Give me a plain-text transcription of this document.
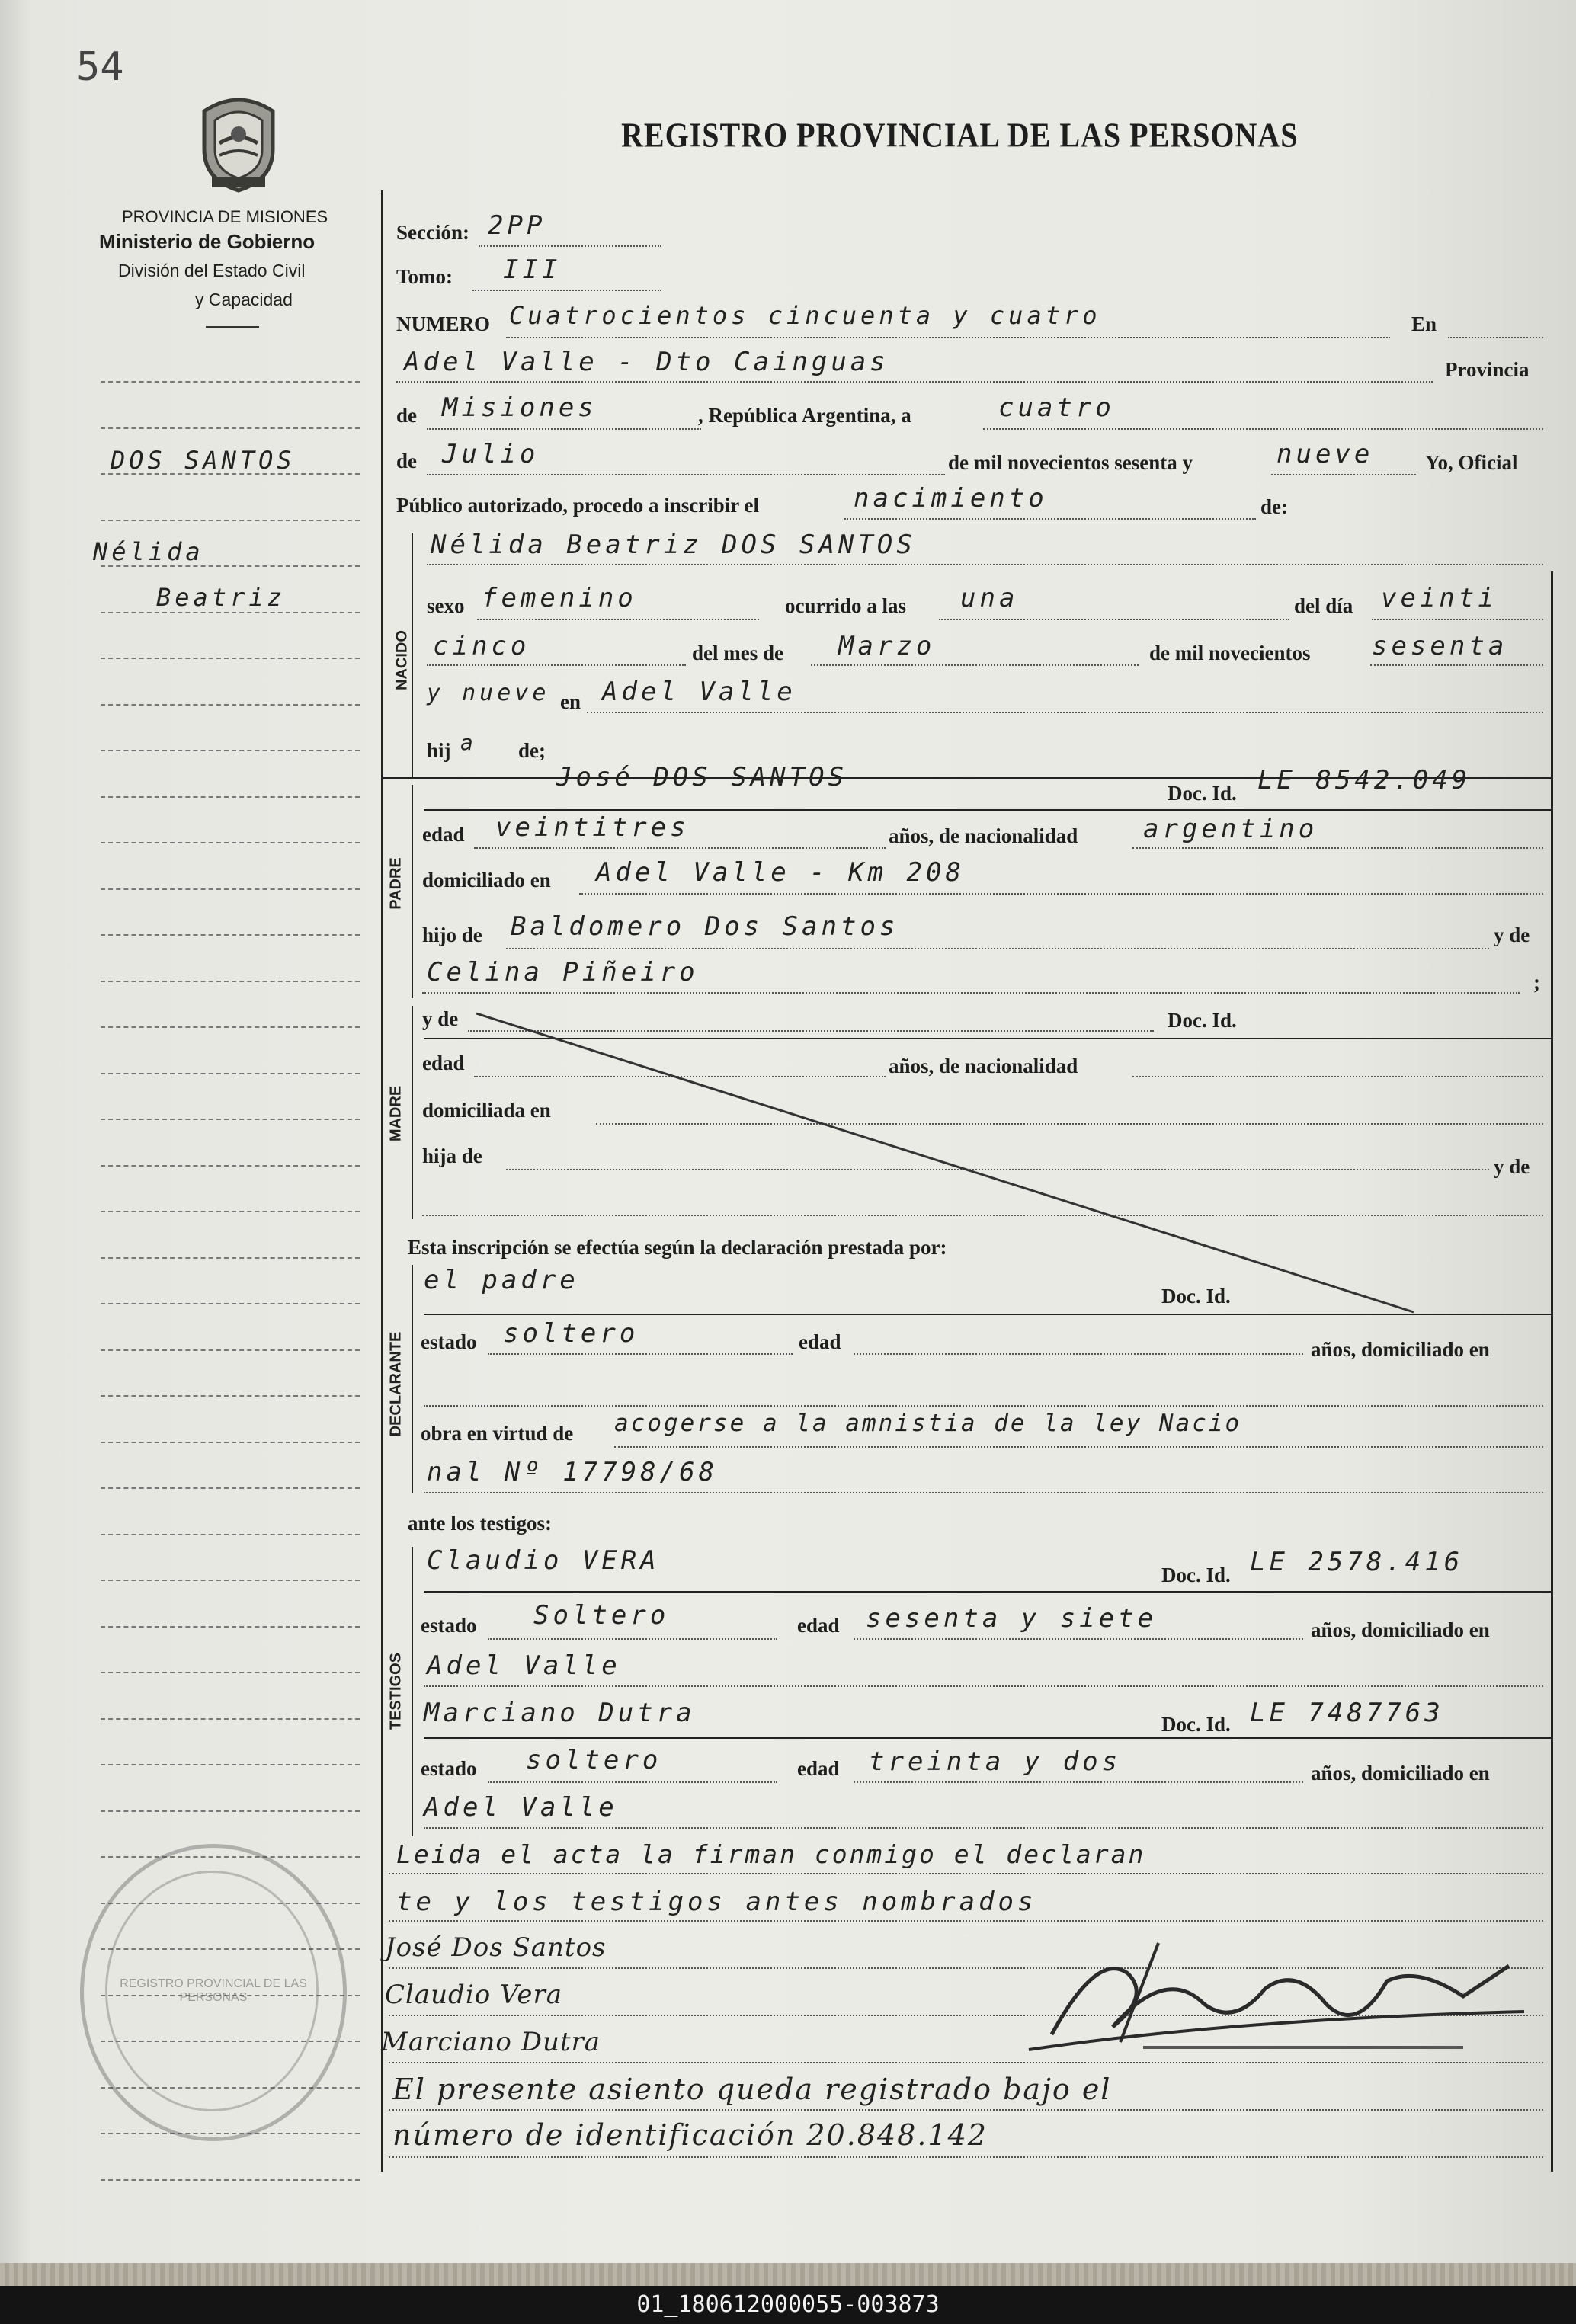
54
REGISTRO PROVINCIAL DE LAS PERSONAS
PROVINCIA DE MISIONES
Ministerio de Gobierno
División del Estado Civil
y Capacidad
DOS SANTOS
Nélida
Beatriz
Sección: 2PP
Tomo: III
NUMERO Cuatrocientos cincuenta y cuatro	En
Adel Valle - Dto Cainguas	Provincia
de Misiones	, República Argentina, a	cuatro
de Julio	de mil novecientos sesenta y	nueve	Yo, Oficial
Público autorizado, procedo a inscribir el	nacimiento	de:
NACIDO
Nélida Beatriz DOS SANTOS
sexo femenino	ocurrido a las una	del día veinti
cinco	del mes de Marzo	de mil novecientos sesenta
y nueve en Adel Valle
hij a de;
PADRE
José DOS SANTOS
Doc. Id. LE 8542.049
edad veintitres	años, de nacionalidad	argentino
domiciliado en Adel Valle - Km 208
hijo de Baldomero Dos Santos	y de
Celina Piñeiro	;
MADRE
y de	Doc. Id.
edad	años, de nacionalidad
domiciliada en
hija de	y de
Esta inscripción se efectúa según la declaración prestada por:
DECLARANTE
el padre
Doc. Id.
estado soltero	edad	años, domiciliado en
obra en virtud de acogerse a la amnistia de la ley Nacio
nal Nº 17798/68
ante los testigos:
TESTIGOS
Claudio VERA	Doc. Id. LE 2578.416
estado Soltero	edad sesenta y siete	años, domiciliado en
Adel Valle
Marciano Dutra	Doc. Id. LE 7487763
estado soltero	edad treinta y dos	años, domiciliado en
Adel Valle
Leida el acta la firman conmigo el declaran
te y los testigos antes nombrados
José Dos Santos
Claudio Vera
Marciano Dutra
El presente asiento queda registrado bajo el
número de identificación 20.848.142
REGISTRO PROVINCIAL DE LAS PERSONAS
01_180612000055-003873
